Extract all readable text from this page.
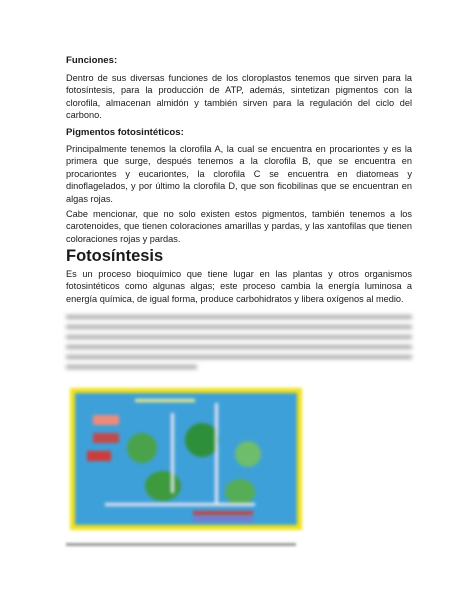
Funciones:
Dentro de sus diversas funciones de los cloroplastos tenemos que sirven para la fotosíntesis, para la producción de ATP, además, sintetizan pigmentos con la clorofila, almacenan almidón y también sirven para la regulación del ciclo del carbono.
Pigmentos fotosintéticos:
Principalmente tenemos la clorofila A, la cual se encuentra en procariontes y es la primera que surge, después tenemos a la clorofila B, que se encuentra en procariontes y eucariontes, la clorofila C se encuentra en diatomeas y dinoflagelados, y por último la clorofila D, que son ficobilinas que se encuentran en algas rojas.
Cabe mencionar, que no solo existen estos pigmentos, también tenemos a los carotenoides, que tienen coloraciones amarillas y pardas, y las xantofilas que tienen coloraciones rojas y pardas.
Fotosíntesis
Es un proceso bioquímico que tiene lugar en las plantas y otros organismos fotosintéticos como algunas algas; este proceso cambia la energía luminosa a energía química, de igual forma, produce carbohidratos y libera oxígenos al medio.
